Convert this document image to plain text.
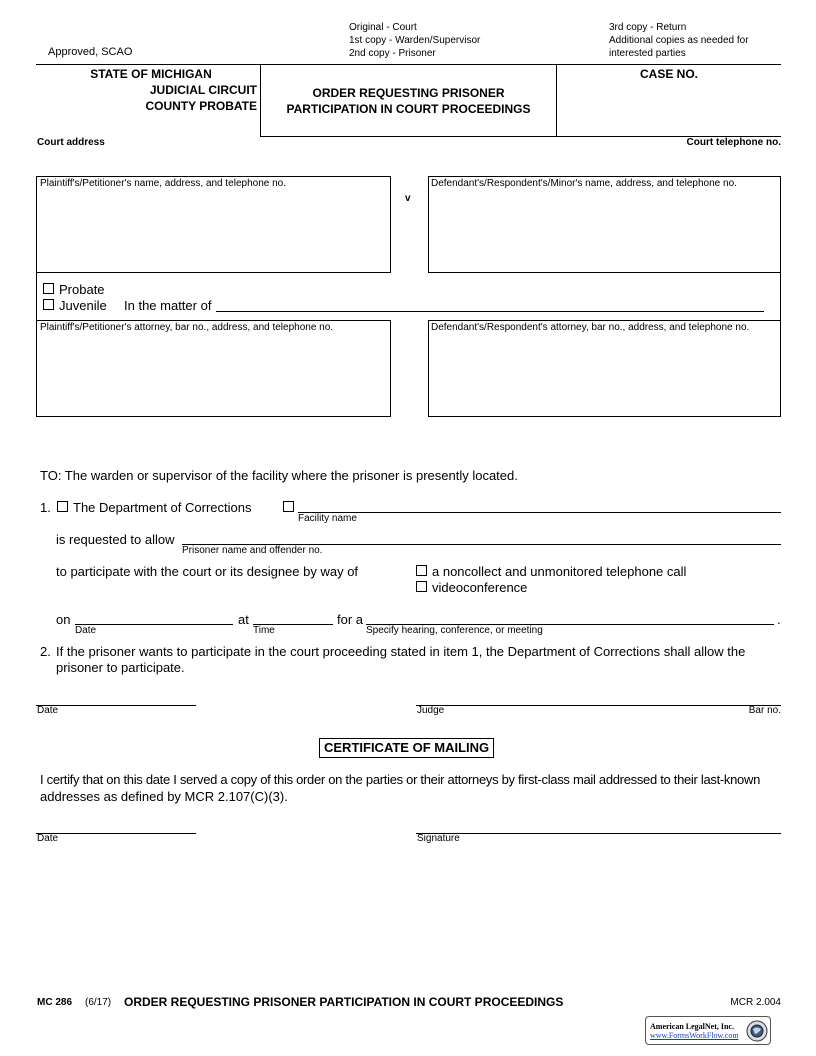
Approved, SCAO
Original - Court
1st copy - Warden/Supervisor
2nd copy - Prisoner
3rd copy - Return
Additional copies as needed for
interested parties
STATE OF MICHIGAN
JUDICIAL CIRCUIT
COUNTY PROBATE
ORDER REQUESTING PRISONER
PARTICIPATION IN COURT PROCEEDINGS
CASE NO.
Court address	Court telephone no.
Plaintiff's/Petitioner's name, address, and telephone no.
v
Defendant's/Respondent's/Minor's name, address, and telephone no.
Probate
Juvenile In the matter of
Plaintiff's/Petitioner's attorney, bar no., address, and telephone no.	Defendant's/Respondent's attorney, bar no., address, and telephone no.
TO: The warden or supervisor of the facility where the prisoner is presently located.
1. The Department of Corrections
Facility name
is requested to allow
Prisoner name and offender no.
to participate with the court or its designee by way of	a noncollect and unmonitored telephone call
videoconference
on
Date
at
Time
for a
Specify hearing, conference, or meeting
.
2. If the prisoner wants to participate in the court proceeding stated in item 1, the Department of Corrections shall allow the
prisoner to participate.
Date	Judge	Bar no.
CERTIFICATE OF MAILING
I certify that on this date I served a copy of this order on the parties or their attorneys by first-class mail addressed to their last-known
addresses as defined by MCR 2.107(C)(3).
Date	Signature
MC 286 (6/17) ORDER REQUESTING PRISONER PARTICIPATION IN COURT PROCEEDINGS	MCR 2.004
American LegalNet, Inc.
www.FormsWorkFlow.com
